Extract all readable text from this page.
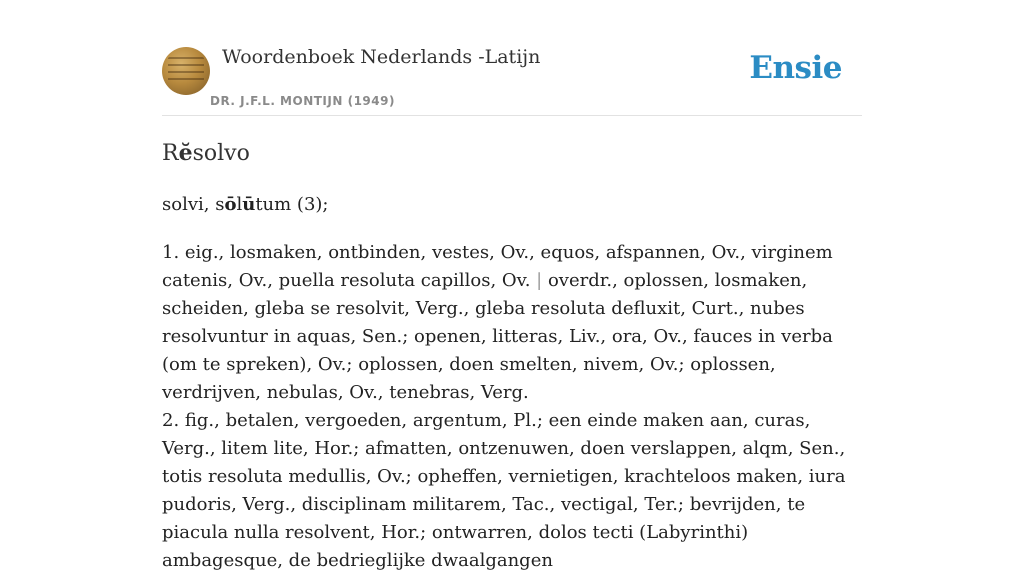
Woordenboek Nederlands -Latijn
DR. J.F.L. MONTIJN (1949)
Ensie
Rĕsolvo
solvi, sōlūtum (3);

1. eig., losmaken, ontbinden, vestes, Ov., equos, afspannen, Ov., virginem catenis, Ov., puella resoluta capillos, Ov. | overdr., oplossen, losmaken, scheiden, gleba se resolvit, Verg., gleba resoluta defluxit, Curt., nubes resolvuntur in aquas, Sen.; openen, litteras, Liv., ora, Ov., fauces in verba (om te spreken), Ov.; oplossen, doen smelten, nivem, Ov.; oplossen, verdrijven, nebulas, Ov., tenebras, Verg.

2. fig., betalen, vergoeden, argentum, Pl.; een einde maken aan, curas, Verg., litem lite, Hor.; afmatten, ontzenuwen, doen verslappen, alqm, Sen., totis resoluta medullis, Ov.; opheffen, vernietigen, krachteloos maken, iura pudoris, Verg., disciplinam militarem, Tac., vectigal, Ter.; bevrijden, te piacula nulla resolvent, Hor.; ontwarren, dolos tecti (Labyrinthi) ambagesque, de bedrieglijke dwaalgangen
